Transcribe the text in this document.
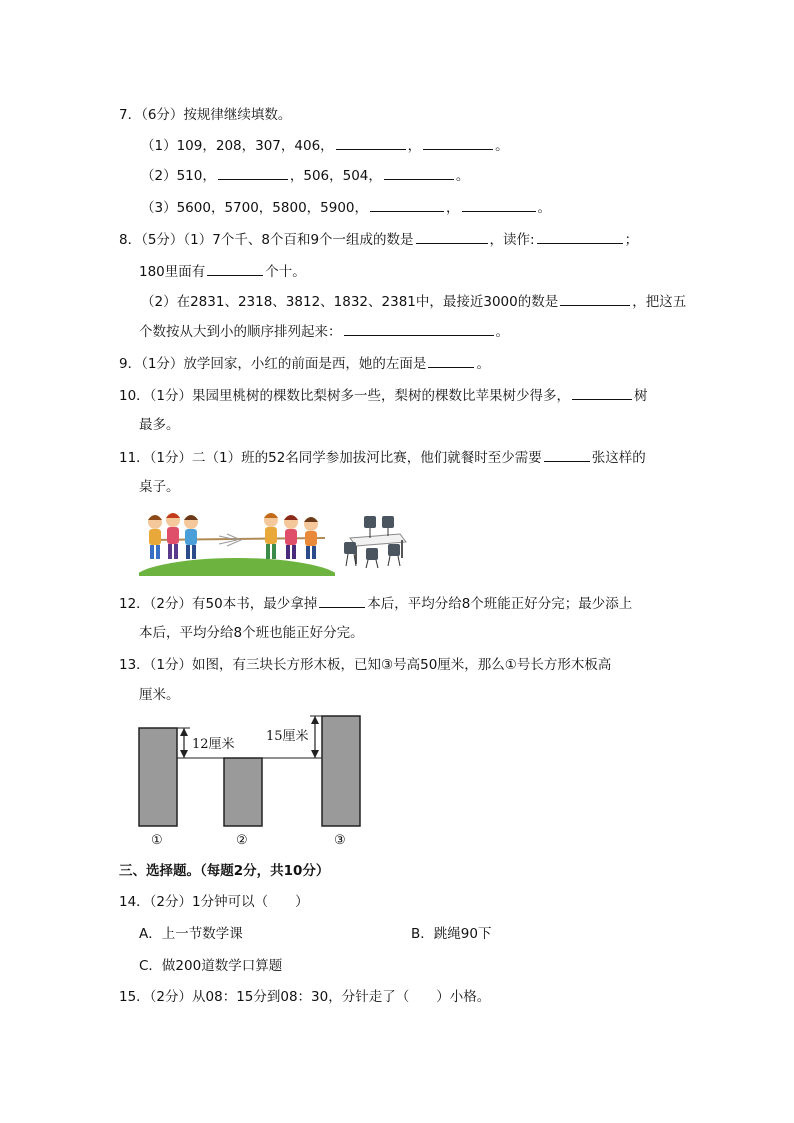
7．（6分）按规律继续填数。
（1）109，208，307，406，	，	。
（2）510，	，506，504，	。
（3）5600，5700，5800，5900，	，	。
8．（5分）（1）7个千、8个百和9个一组成的数是	，读作:	；
180里面有	个十。
（2）在2831、2318、3812、1832、2381中，最接近3000的数是	，把这五
个数按从大到小的顺序排列起来：	。
9．（1分）放学回家，小红的前面是西，她的左面是	。
10．（1分）果园里桃树的棵数比梨树多一些，梨树的棵数比苹果树少得多，	树
最多。
11．（1分）二（1）班的52名同学参加拔河比赛，他们就餐时至少需要	张这样的
桌子。
12．（2分）有50本书，最少拿掉	本后，平均分给8个班能正好分完；最少添上
本后，平均分给8个班也能正好分完。
13．（1分）如图，有三块长方形木板，已知③号高50厘米，那么①号长方形木板高
厘米。
12厘米
15厘米
①	②	③
三、选择题。（每题2分，共10分）
14．（2分）1分钟可以（　　）
A．上一节数学课	B．跳绳90下
C．做200道数学口算题
15．（2分）从08：15分到08：30，分针走了（　　）小格。
